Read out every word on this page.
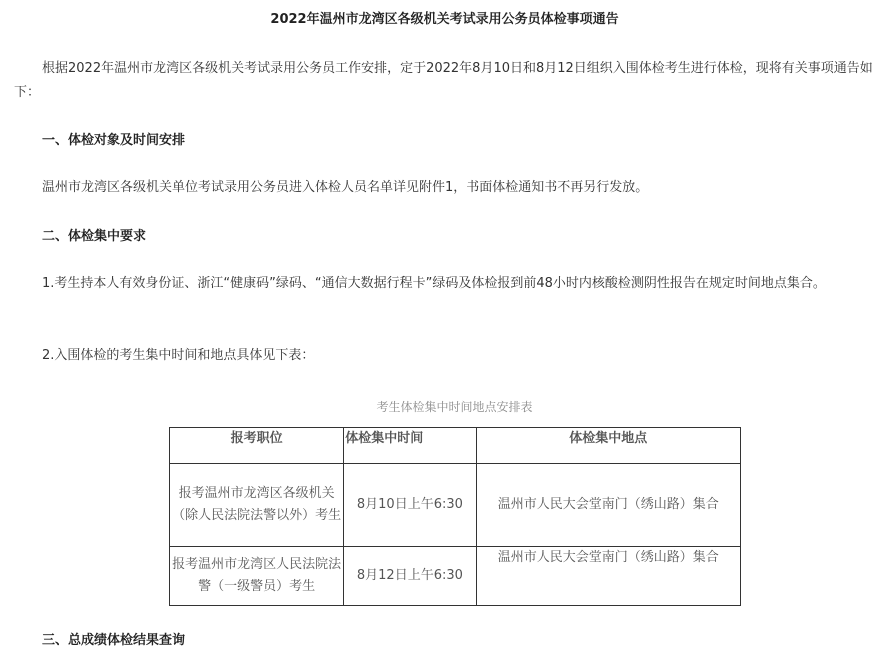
2022年温州市龙湾区各级机关考试录用公务员体检事项通告
根据2022年温州市龙湾区各级机关考试录用公务员工作安排，定于2022年8月10日和8月12日组织入围体检考生进行体检，现将有关事项通告如下：
一、体检对象及时间安排
温州市龙湾区各级机关单位考试录用公务员进入体检人员名单详见附件1，书面体检通知书不再另行发放。
二、体检集中要求
1.考生持本人有效身份证、浙江“健康码”绿码、“通信大数据行程卡”绿码及体检报到前48小时内核酸检测阴性报告在规定时间地点集合。
2.入围体检的考生集中时间和地点具体见下表：
考生体检集中时间地点安排表
报考职位	体检集中时间	体检集中地点
报考温州市龙湾区各级机关（除人民法院法警以外）考生	8月10日上午6:30	温州市人民大会堂南门（绣山路）集合
报考温州市龙湾区人民法院法警（一级警员）考生	8月12日上午6:30	温州市人民大会堂南门（绣山路）集合
三、总成绩体检结果查询
